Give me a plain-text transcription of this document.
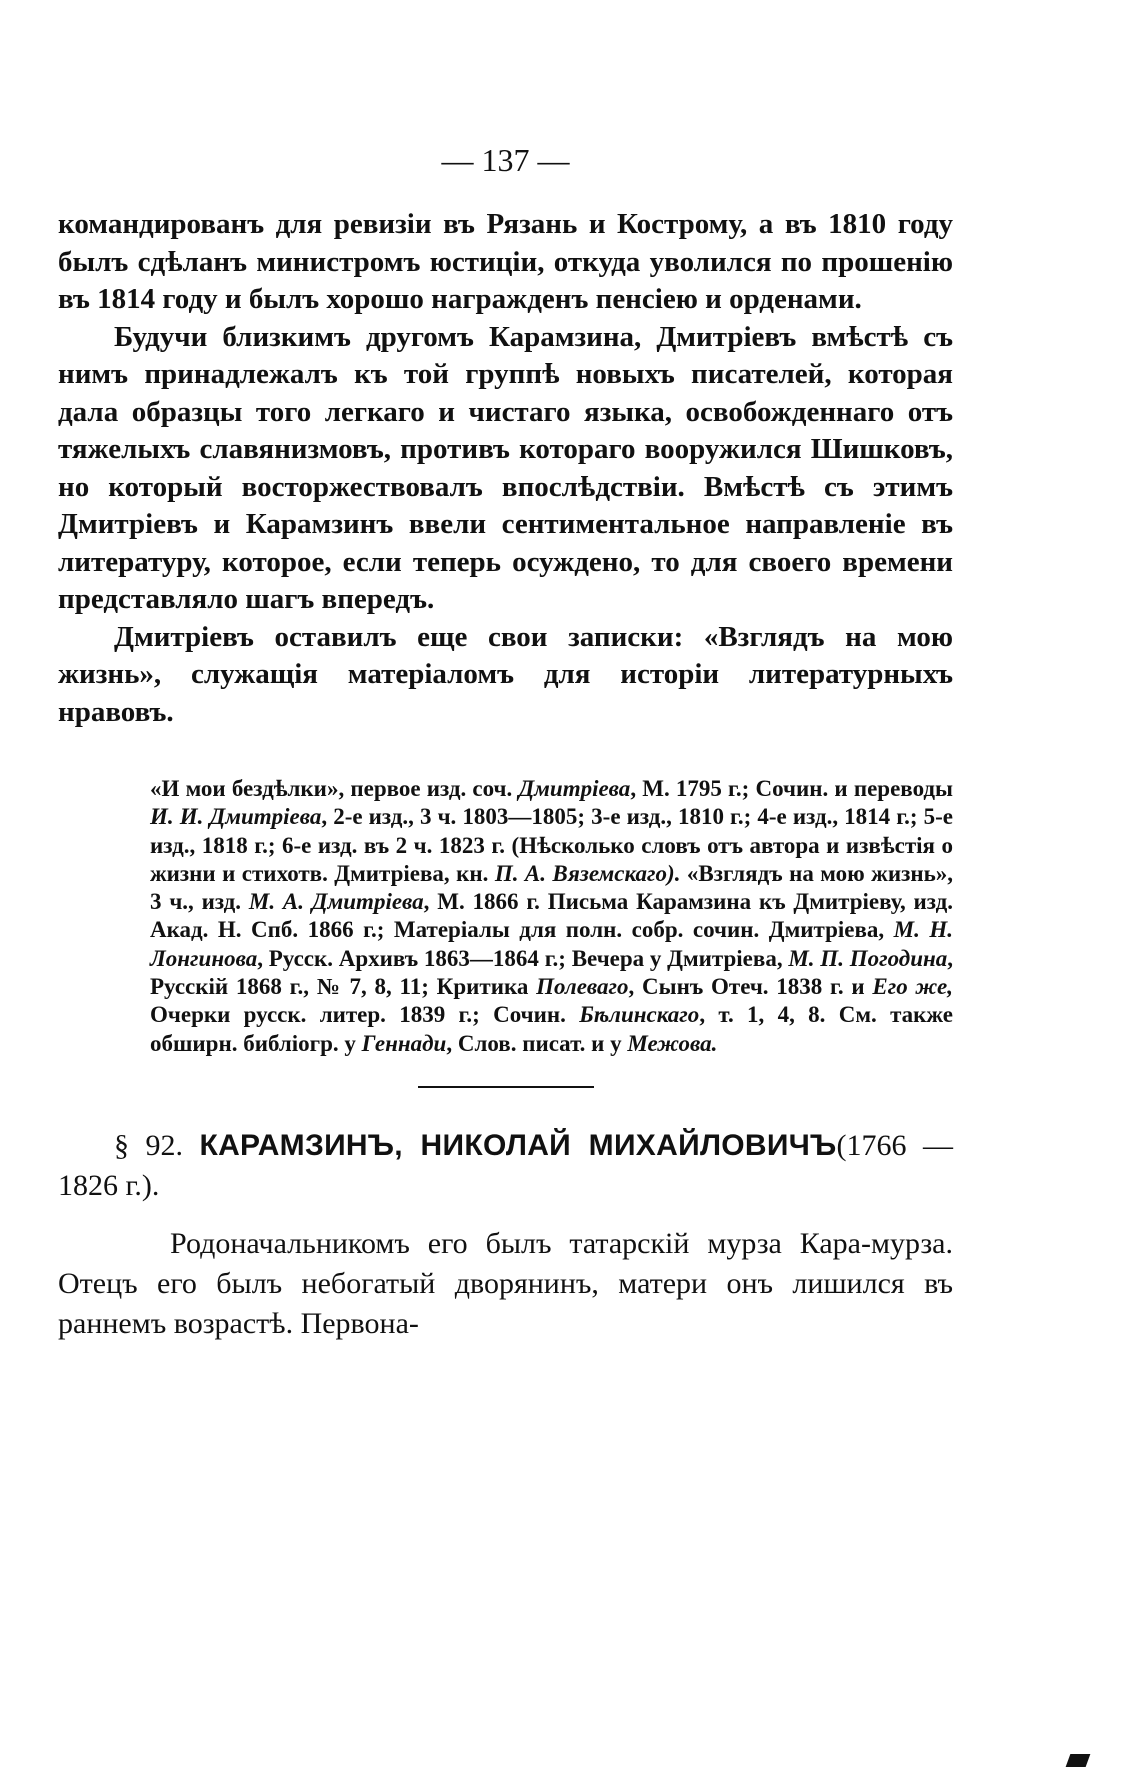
— 137 —

командированъ для ревизіи въ Рязань и Кострому, а въ 1810 году былъ сдѣланъ министромъ юстиціи, откуда уволился по прошенію въ 1814 году и былъ хорошо награжденъ пенсіею и орденами.

Будучи близкимъ другомъ Карамзина, Дмитріевъ вмѣстѣ съ нимъ принадлежалъ къ той группѣ новыхъ писателей, которая дала образцы того легкаго и чистаго языка, освобожденнаго отъ тяжелыхъ славянизмовъ, противъ котораго вооружился Шишковъ, но который восторжествовалъ впослѣдствіи. Вмѣстѣ съ этимъ Дмитріевъ и Карамзинъ ввели сентиментальное направленіе въ литературу, которое, если теперь осуждено, то для своего времени представляло шагъ впередъ.

Дмитріевъ оставилъ еще свои записки: «Взглядъ на мою жизнь», служащія матеріаломъ для исторіи литературныхъ нравовъ.

«И мои бездѣлки», первое изд. соч. Дмитріева, М. 1795 г.; Сочин. и переводы И. И. Дмитріева, 2-е изд., 3 ч. 1803—1805; 3-е изд., 1810 г.; 4-е изд., 1814 г.; 5-е изд., 1818 г.; 6-е изд. въ 2 ч. 1823 г. (Нѣсколько словъ отъ автора и извѣстія о жизни и стихотв. Дмитріева, кн. П. А. Вяземскаго). «Взглядъ на мою жизнь», 3 ч., изд. М. А. Дмитріева, М. 1866 г. Письма Карамзина къ Дмитріеву, изд. Акад. Н. Спб. 1866 г.; Матеріалы для полн. собр. сочин. Дмитріева, М. Н. Лонгинова, Русск. Архивъ 1863—1864 г.; Вечера у Дмитріева, М. П. Погодина, Русскій 1868 г., № 7, 8, 11; Критика Полеваго, Сынъ Отеч. 1838 г. и Его же, Очерки русск. литер. 1839 г.; Сочин. Бѣлинскаго, т. 1, 4, 8. См. также обширн. библіогр. у Геннади, Слов. писат. и у Межова.
§ 92. КАРАМЗИНЪ, НИКОЛАЙ МИХАЙЛОВИЧЪ(1766 — 1826 г.).
Родоначальникомъ его былъ татарскій мурза Кара-мурза. Отецъ его былъ небогатый дворянинъ, матери онъ лишился въ раннемъ возрастѣ. Первона-
